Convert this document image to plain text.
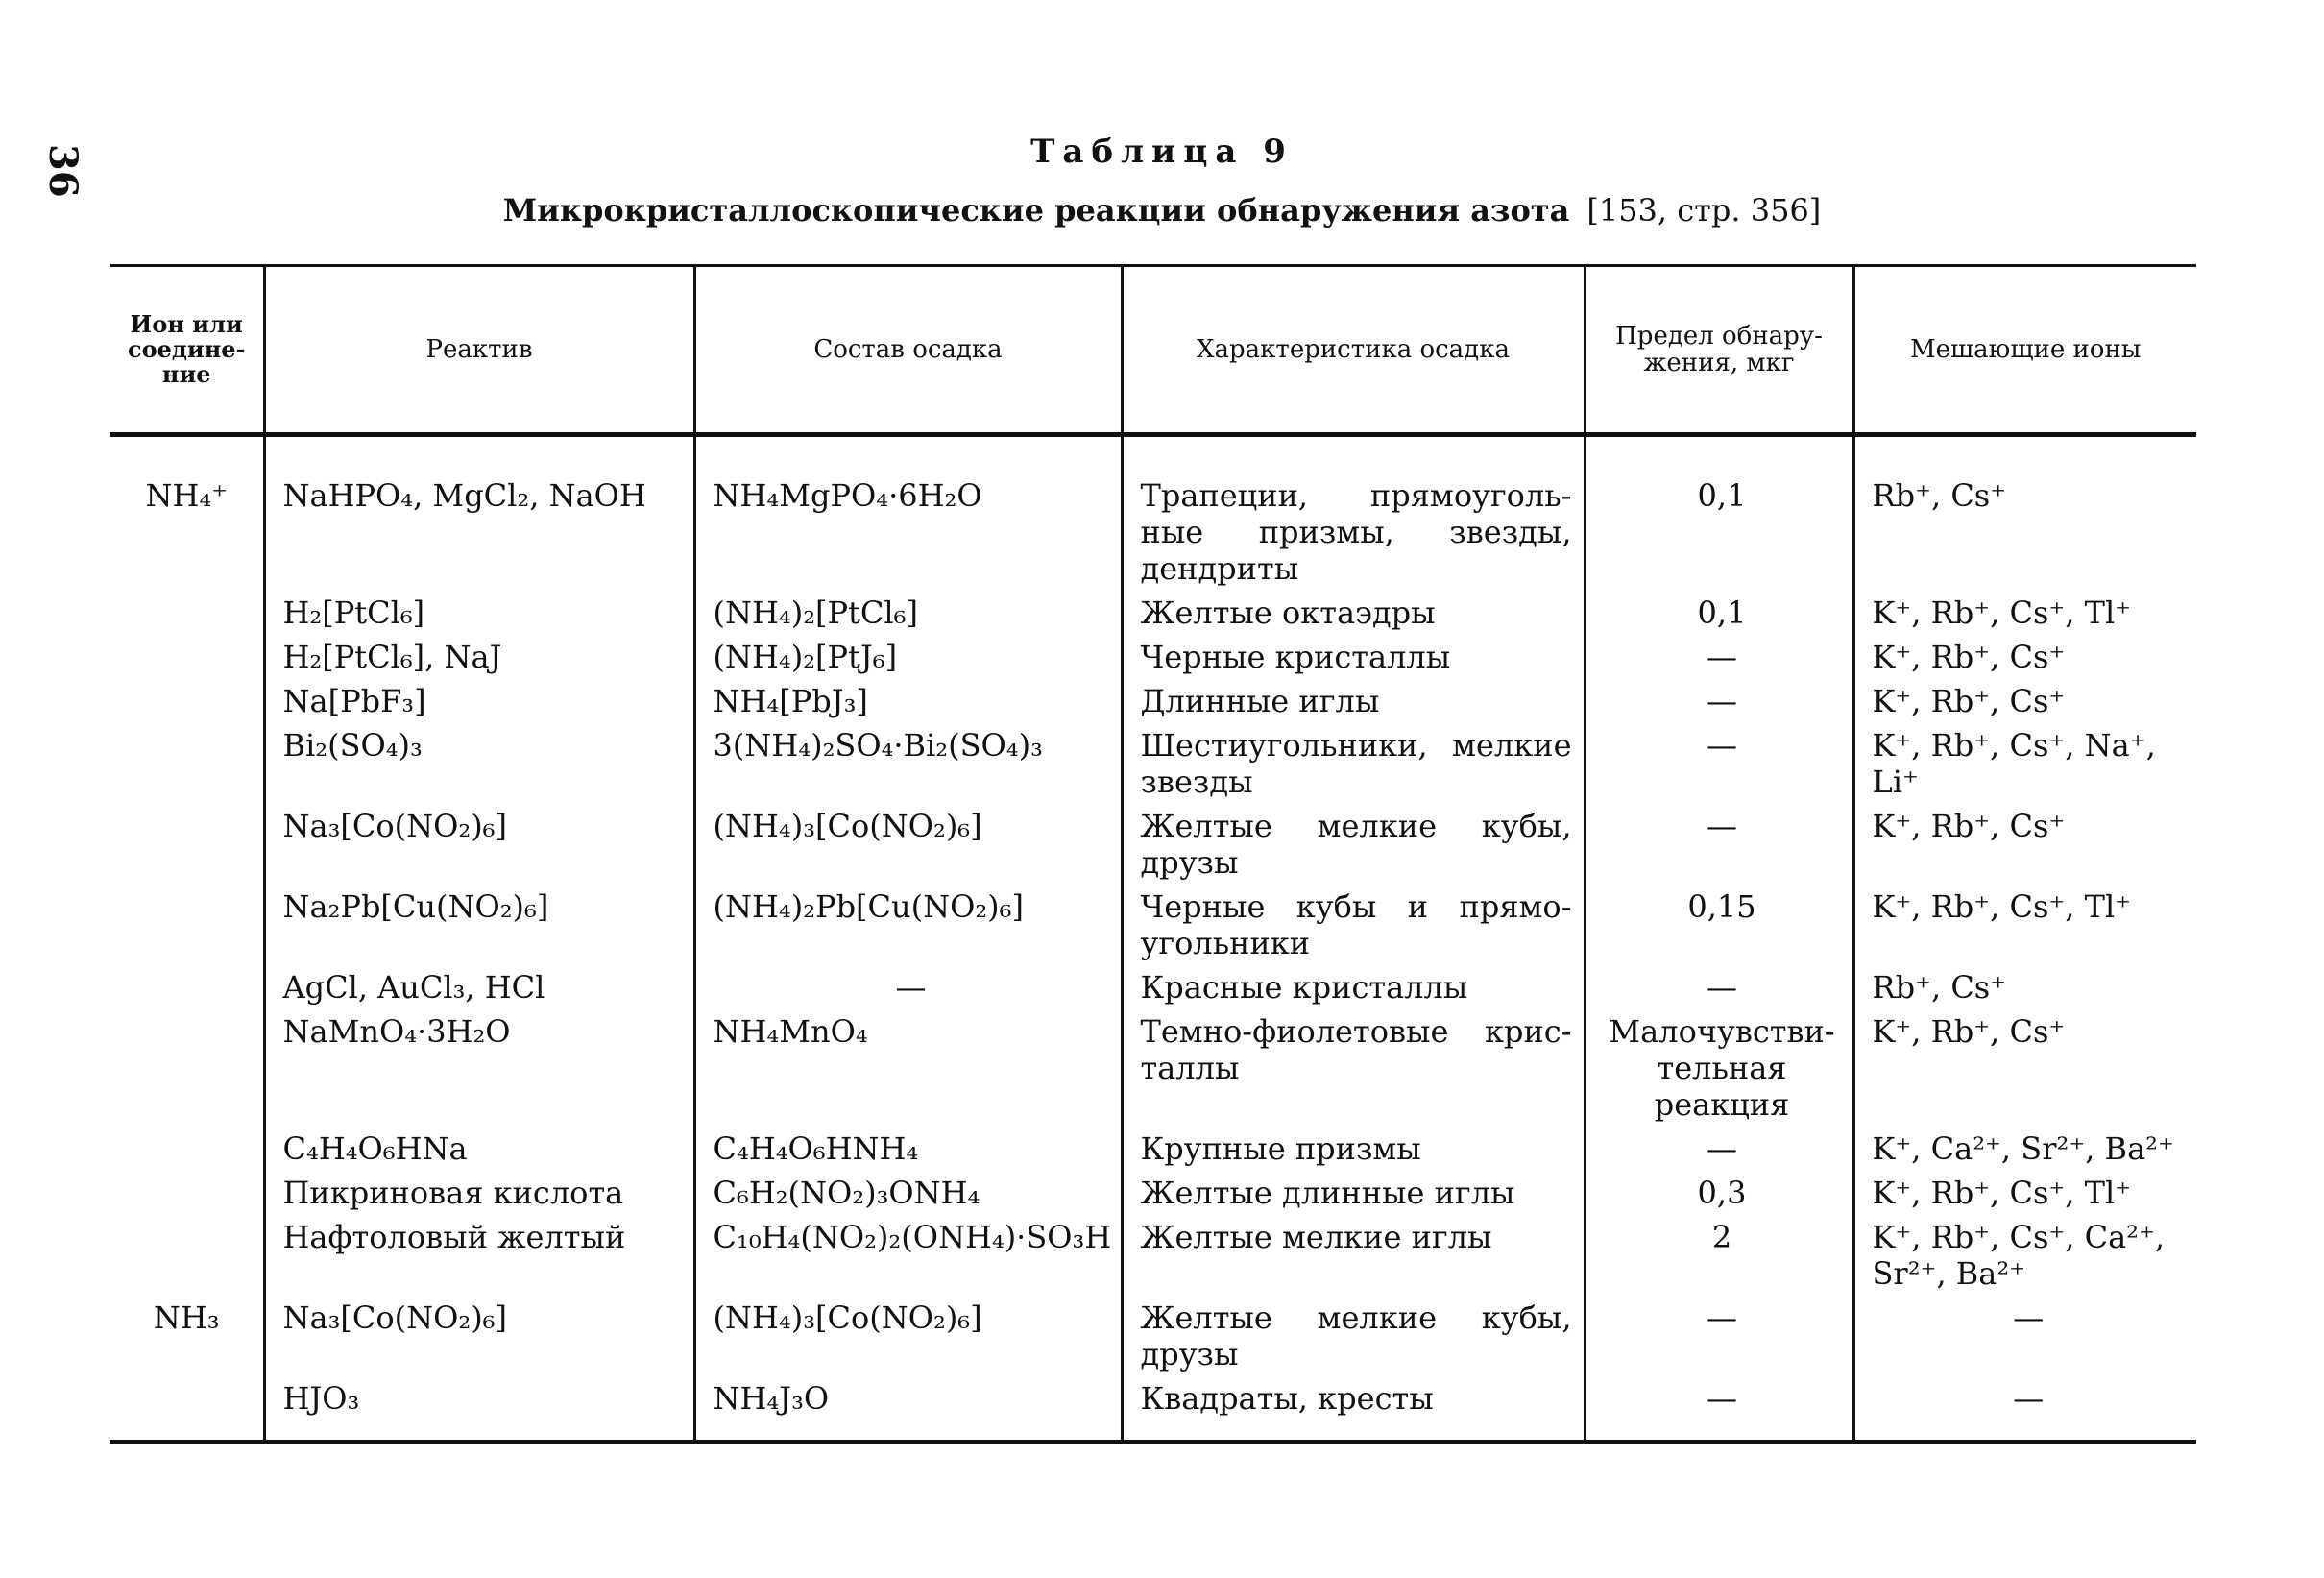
36	Таблица 9
Микрокристаллоскопические реакции обнаружения азота [153, стр. 356]
Ион или соедине-ние	Реактив	Состав осадка	Характеристика осадка	Предел обнару-жения, мкг	Мешающие ионы
NH₄⁺	NaHPO₄, MgCl₂, NaOH	NH₄MgPO₄·6H₂O	Трапеции, прямоуголь-ные призмы, звезды, дендриты	0,1	Rb⁺, Cs⁺
	H₂[PtCl₆]	(NH₄)₂[PtCl₆]	Желтые октаэдры	0,1	K⁺, Rb⁺, Cs⁺, Tl⁺
	H₂[PtCl₆], NaJ	(NH₄)₂[PtJ₆]	Черные кристаллы	—	K⁺, Rb⁺, Cs⁺
	Na[PbF₃]	NH₄[PbJ₃]	Длинные иглы	—	K⁺, Rb⁺, Cs⁺
	Bi₂(SO₄)₃	3(NH₄)₂SO₄·Bi₂(SO₄)₃	Шестиугольники, мелкие звезды	—	K⁺, Rb⁺, Cs⁺, Na⁺, Li⁺
	Na₃[Co(NO₂)₆]	(NH₄)₃[Co(NO₂)₆]	Желтые мелкие кубы, друзы	—	K⁺, Rb⁺, Cs⁺
	Na₂Pb[Cu(NO₂)₆]	(NH₄)₂Pb[Cu(NO₂)₆]	Черные кубы и прямо-угольники	0,15	K⁺, Rb⁺, Cs⁺, Tl⁺
	AgCl, AuCl₃, HCl	—	Красные кристаллы	—	Rb⁺, Cs⁺
	NaMnO₄·3H₂O	NH₄MnO₄	Темно-фиолетовые крис-таллы	Малочувстви-тельная реакция	K⁺, Rb⁺, Cs⁺
	C₄H₄O₆HNa	C₄H₄O₆HNH₄	Крупные призмы	—	K⁺, Ca²⁺, Sr²⁺, Ba²⁺
	Пикриновая кислота	C₆H₂(NO₂)₃ONH₄	Желтые длинные иглы	0,3	K⁺, Rb⁺, Cs⁺, Tl⁺
	Нафтоловый желтый	C₁₀H₄(NO₂)₂(ONH₄)·SO₃H	Желтые мелкие иглы	2	K⁺, Rb⁺, Cs⁺, Ca²⁺, Sr²⁺, Ba²⁺
NH₃	Na₃[Co(NO₂)₆]	(NH₄)₃[Co(NO₂)₆]	Желтые мелкие кубы, друзы	—	—
	HJO₃	NH₄J₃O	Квадраты, кресты	—	—
